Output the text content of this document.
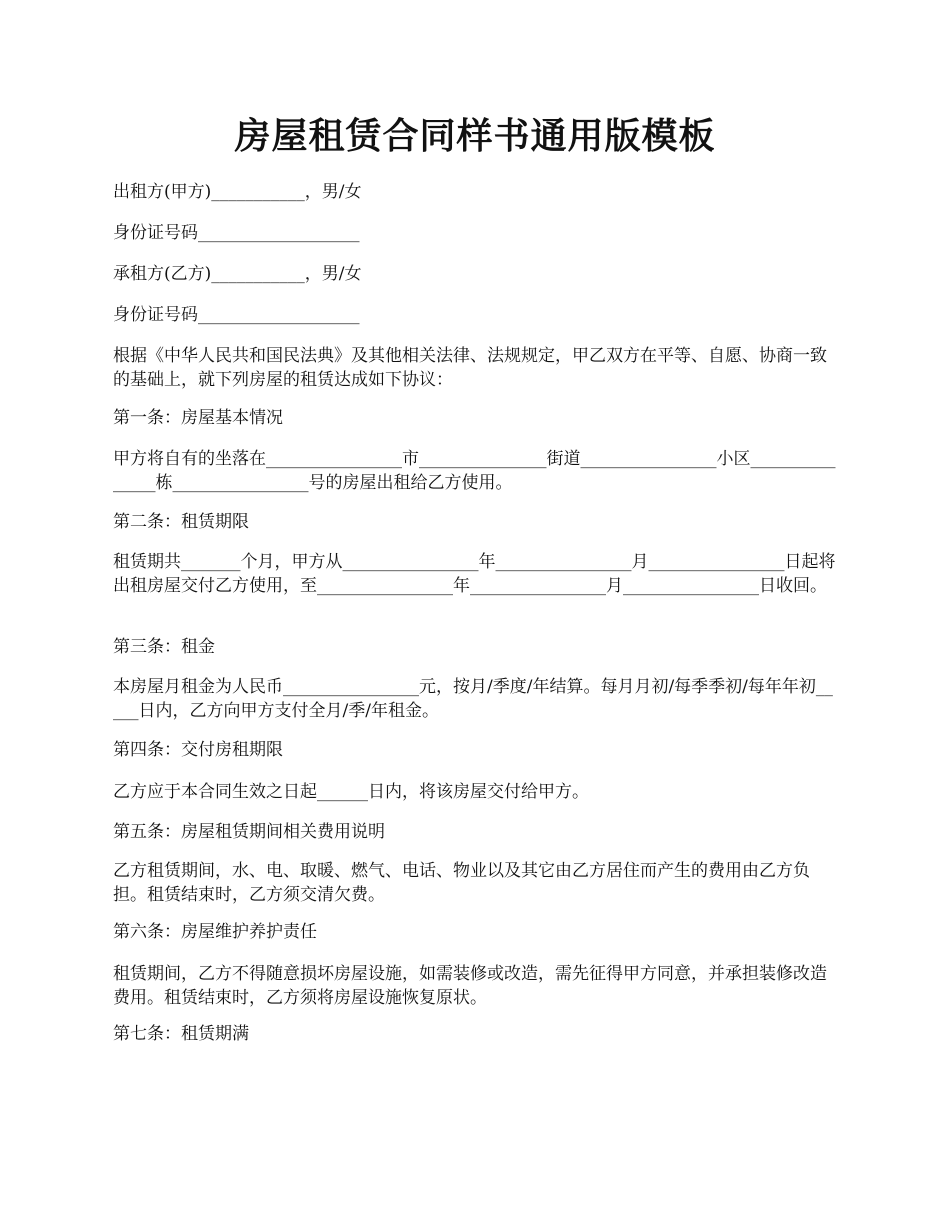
房屋租赁合同样书通用版模板

出租方(甲方)___________，男/女

身份证号码___________________

承租方(乙方)___________，男/女

身份证号码___________________

根据《中华人民共和国民法典》及其他相关法律、法规规定，甲乙双方在平等、自愿、协商一致的基础上，就下列房屋的租赁达成如下协议：

第一条：房屋基本情况

甲方将自有的坐落在________________市_______________街道________________小区_______________栋________________号的房屋出租给乙方使用。

第二条：租赁期限

租赁期共_______个月，甲方从________________年________________月________________日起将出租房屋交付乙方使用，至________________年________________月________________日收回。

第三条：租金

本房屋月租金为人民币________________元，按月/季度/年结算。每月月初/每季季初/每年年初_____日内，乙方向甲方支付全月/季/年租金。

第四条：交付房租期限

乙方应于本合同生效之日起______日内，将该房屋交付给甲方。

第五条：房屋租赁期间相关费用说明

乙方租赁期间，水、电、取暖、燃气、电话、物业以及其它由乙方居住而产生的费用由乙方负担。租赁结束时，乙方须交清欠费。

第六条：房屋维护养护责任

租赁期间，乙方不得随意损坏房屋设施，如需装修或改造，需先征得甲方同意，并承担装修改造费用。租赁结束时，乙方须将房屋设施恢复原状。

第七条：租赁期满
